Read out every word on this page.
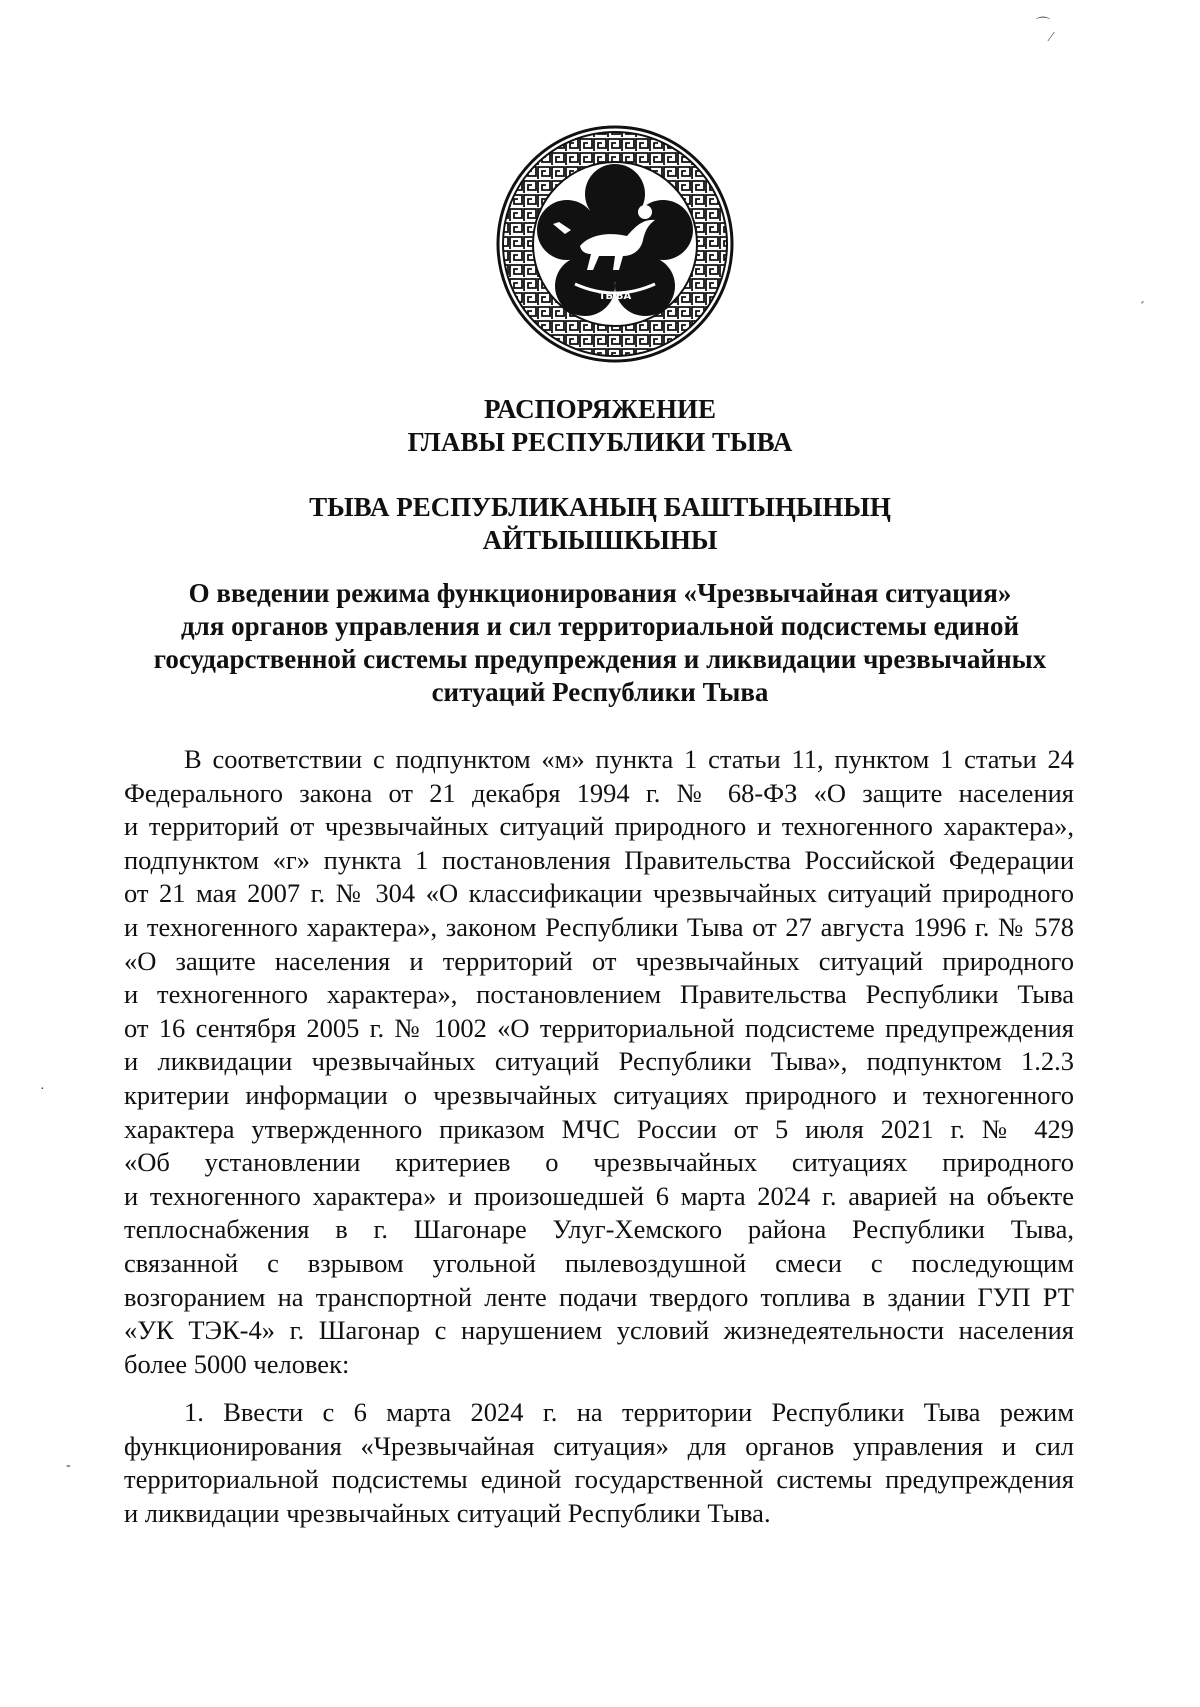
ТЫВА
РАСПОРЯЖЕНИЕ
ГЛАВЫ РЕСПУБЛИКИ ТЫВА
ТЫВА РЕСПУБЛИКАНЫҢ БАШТЫҢЫНЫҢ
АЙТЫЫШКЫНЫ
О введении режима функционирования «Чрезвычайная ситуация»
для органов управления и сил территориальной подсистемы единой
государственной системы предупреждения и ликвидации чрезвычайных
ситуаций Республики Тыва
В соответствии с подпунктом «м» пункта 1 статьи 11, пунктом 1 статьи 24
Федерального закона от 21 декабря 1994 г. № 68-ФЗ «О защите населения
и территорий от чрезвычайных ситуаций природного и техногенного характера»,
подпунктом «г» пункта 1 постановления Правительства Российской Федерации
от 21 мая 2007 г. № 304 «О классификации чрезвычайных ситуаций природного
и техногенного характера», законом Республики Тыва от 27 августа 1996 г. № 578
«О защите населения и территорий от чрезвычайных ситуаций природного
и техногенного характера», постановлением Правительства Республики Тыва
от 16 сентября 2005 г. № 1002 «О территориальной подсистеме предупреждения
и ликвидации чрезвычайных ситуаций Республики Тыва», подпунктом 1.2.3
критерии информации о чрезвычайных ситуациях природного и техногенного
характера утвержденного приказом МЧС России от 5 июля 2021 г. № 429
«Об установлении критериев о чрезвычайных ситуациях природного
и техногенного характера» и произошедшей 6 марта 2024 г. аварией на объекте
теплоснабжения в г. Шагонаре Улуг-Хемского района Республики Тыва,
связанной с взрывом угольной пылевоздушной смеси с последующим
возгоранием на транспортной ленте подачи твердого топлива в здании ГУП РТ
«УК ТЭК-4» г. Шагонар с нарушением условий жизнедеятельности населения
более 5000 человек:
1. Ввести с 6 марта 2024 г. на территории Республики Тыва режим
функционирования «Чрезвычайная ситуация» для органов управления и сил
территориальной подсистемы единой государственной системы предупреждения
и ликвидации чрезвычайных ситуаций Республики Тыва.
⌒
∕
ˊ
·
-
